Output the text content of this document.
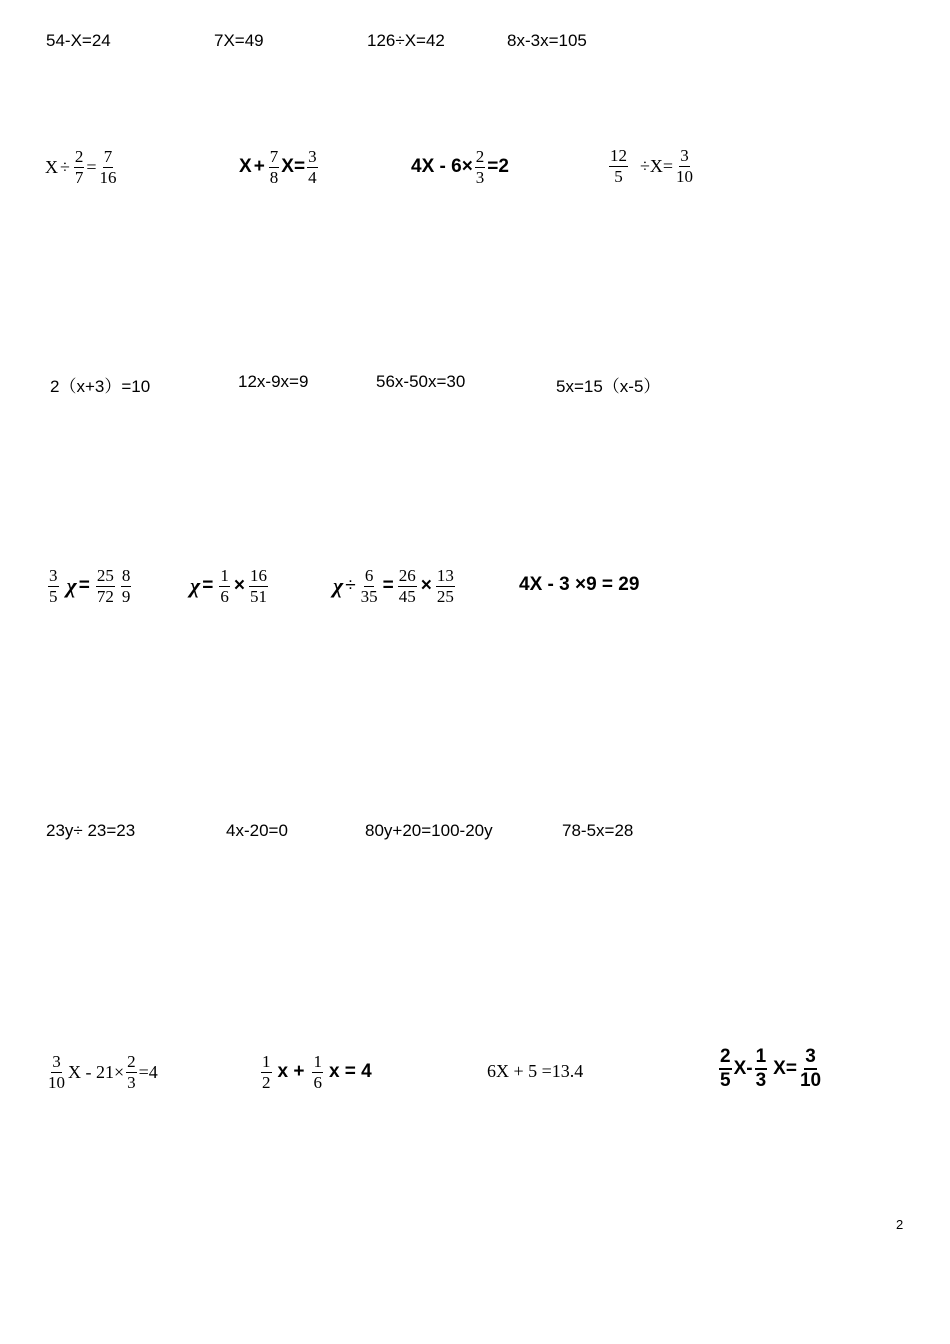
54-X=24	7X=49	126÷X=42	8x-3x=105
$X \div \frac{2}{7} = \frac{7}{16}$	$X + \frac{7}{8} X= \frac{3}{4}$	$4X - 6\times \frac{2}{3} =2$	$\frac{12}{5} \div X= \frac{3}{10}$
2（x+3）=10	12x-9x=9	56x-50x=30	5x=15（x-5）
$\frac{3}{5}$ $\chi = \frac{25}{72} \frac{8}{9}$	$\chi = \frac{1}{6} \times \frac{16}{51}$	$\chi \div \frac{6}{35} = \frac{26}{45} \times \frac{13}{25}$	4X - 3 ×9 = 29
23y÷ 23=23	4x-20=0	80y+20=100-20y	78-5x=28
$\frac{3}{10}$ $X - 21\times \frac{2}{3} =4$	$\frac{1}{2}$ $x + \frac{1}{6}$ x = 4	6X + 5 =13.4	$\frac{2}{5} X- \frac{1}{3} X= \frac{3}{10}$
2
